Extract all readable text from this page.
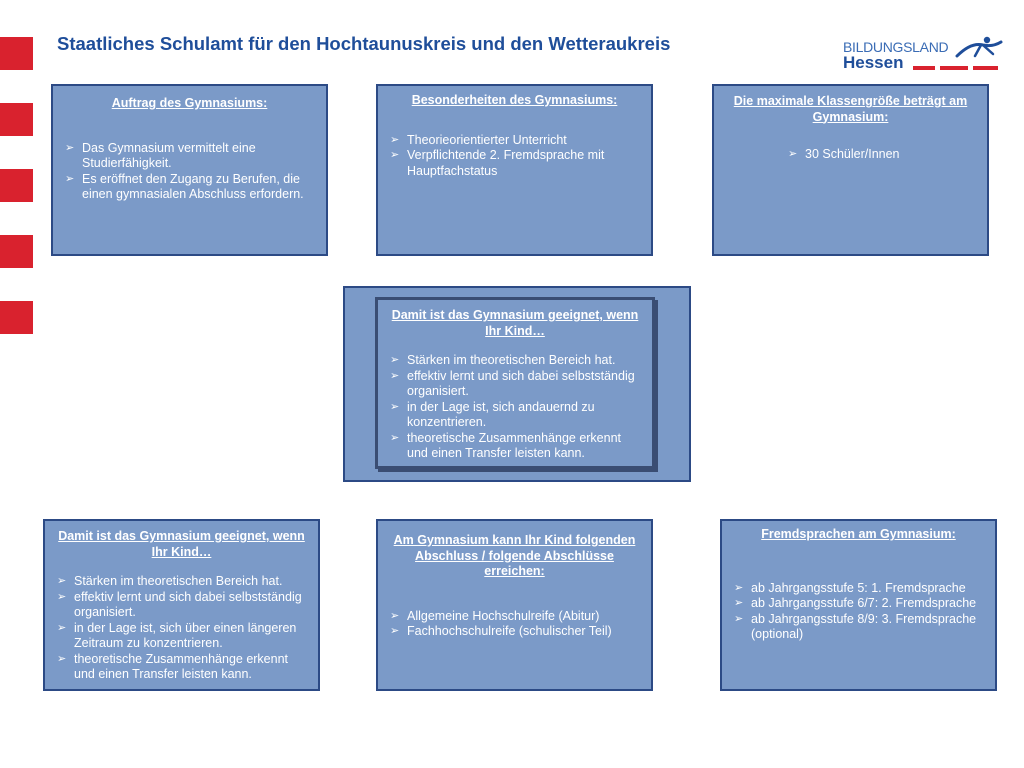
Staatliches Schulamt für den Hochtaunuskreis und den Wetteraukreis	BILDUNGSLAND
Hessen

Auftrag des Gymnasiums:

➢ Das Gymnasium vermittelt eine Studierfähigkeit.
➢ Es eröffnet den Zugang zu Berufen, die einen gymnasialen Abschluss erfordern.

Besonderheiten des Gymnasiums:

➢ Theorieorientierter Unterricht
➢ Verpflichtende 2. Fremdsprache mit Hauptfachstatus

Die maximale Klassengröße beträgt am Gymnasium:

➢ 30 Schüler/Innen

Damit ist das Gymnasium geeignet, wenn Ihr Kind…

➢ Stärken im theoretischen Bereich hat.
➢ effektiv lernt und sich dabei selbstständig organisiert.
➢ in der Lage ist, sich andauernd zu konzentrieren.
➢ theoretische Zusammenhänge erkennt und einen Transfer leisten kann.

Damit ist das Gymnasium geeignet, wenn Ihr Kind…

➢ Stärken im theoretischen Bereich hat.
➢ effektiv lernt und sich dabei selbstständig organisiert.
➢ in der Lage ist, sich über einen längeren Zeitraum zu konzentrieren.
➢ theoretische Zusammenhänge erkennt und einen Transfer leisten kann.

Am Gymnasium kann Ihr Kind folgenden Abschluss / folgende Abschlüsse erreichen:

➢ Allgemeine Hochschulreife (Abitur)
➢ Fachhochschulreife (schulischer Teil)

Fremdsprachen am Gymnasium:

➢ ab Jahrgangsstufe 5: 1. Fremdsprache
➢ ab Jahrgangsstufe 6/7: 2. Fremdsprache
➢ ab Jahrgangsstufe 8/9: 3. Fremdsprache (optional)
